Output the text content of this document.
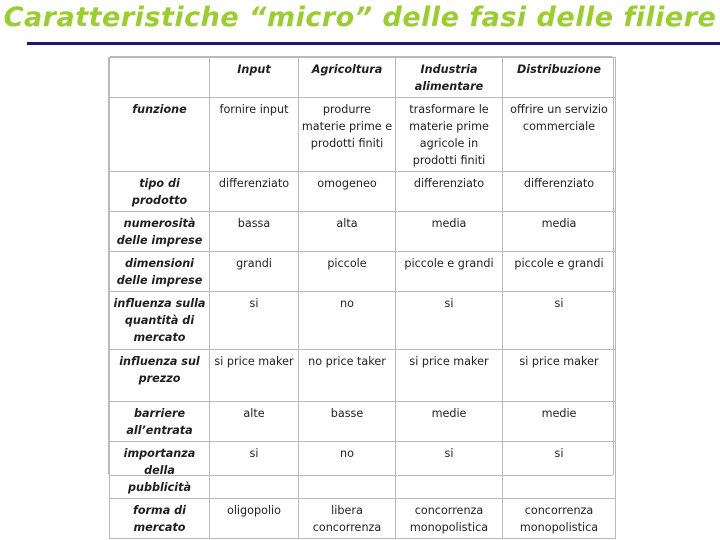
Caratteristiche “micro” delle fasi delle filiere
	Input	Agricoltura	Industria alimentare	Distribuzione
funzione	fornire input	produrre materie prime e prodotti finiti	trasformare le materie prime agricole in prodotti finiti	offrire un servizio commerciale
tipo di prodotto	differenziato	omogeneo	differenziato	differenziato
numerosità delle imprese	bassa	alta	media	media
dimensioni delle imprese	grandi	piccole	piccole e grandi	piccole e grandi
influenza sulla quantità di mercato	si	no	si	si
influenza sul prezzo	si price maker	no price taker	si price maker	si price maker
barriere all’entrata	alte	basse	medie	medie
importanza della pubblicità	si	no	si	si
forma di mercato	oligopolio	libera concorrenza	concorrenza monopolistica	concorrenza monopolistica
